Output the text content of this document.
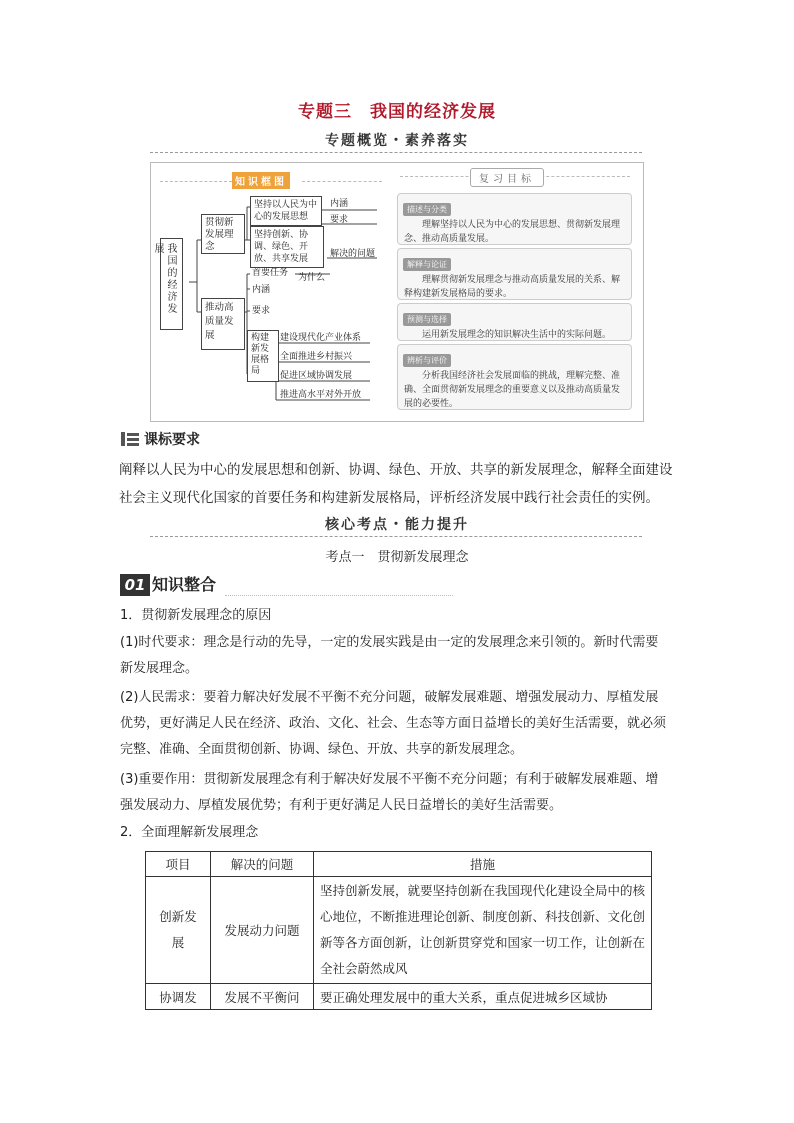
专题三　我国的经济发展
专题概览・素养落实
知识框图
我国的经济发展
贯彻新发展理念
坚持以人民为中心的发展思想
内涵
要求
坚持创新、协调、绿色、开放、共享发展	解决的问题
推动高质量发展
首要任务 为什么
内涵
要求
构建新发展格局
建设现代化产业体系
全面推进乡村振兴
促进区域协调发展
推进高水平对外开放
复习目标
描述与分类
理解坚持以人民为中心的发展思想、贯彻新发展理念、推动高质量发展。
解释与论证
理解贯彻新发展理念与推动高质量发展的关系、解释构建新发展格局的要求。
预测与选择
运用新发展理念的知识解决生活中的实际问题。
辨析与评价
分析我国经济社会发展面临的挑战，理解完整、准确、全面贯彻新发展理念的重要意义以及推动高质量发展的必要性。
课标要求
阐释以人民为中心的发展思想和创新、协调、绿色、开放、共享的新发展理念，解释全面建设社会主义现代化国家的首要任务和构建新发展格局，评析经济发展中践行社会责任的实例。
核心考点・能力提升
考点一　贯彻新发展理念
01 知识整合
1．贯彻新发展理念的原因
(1)时代要求：理念是行动的先导，一定的发展实践是由一定的发展理念来引领的。新时代需要新发展理念。
(2)人民需求：要着力解决好发展不平衡不充分问题，破解发展难题、增强发展动力、厚植发展优势，更好满足人民在经济、政治、文化、社会、生态等方面日益增长的美好生活需要，就必须完整、准确、全面贯彻创新、协调、绿色、开放、共享的新发展理念。
(3)重要作用：贯彻新发展理念有利于解决好发展不平衡不充分问题；有利于破解发展难题、增强发展动力、厚植发展优势；有利于更好满足人民日益增长的美好生活需要。
2．全面理解新发展理念
项目	解决的问题	措施
创新发展	发展动力问题	坚持创新发展，就要坚持创新在我国现代化建设全局中的核心地位，不断推进理论创新、制度创新、科技创新、文化创新等各方面创新，让创新贯穿党和国家一切工作，让创新在全社会蔚然成风
协调发	发展不平衡问	要正确处理发展中的重大关系，重点促进城乡区域协
